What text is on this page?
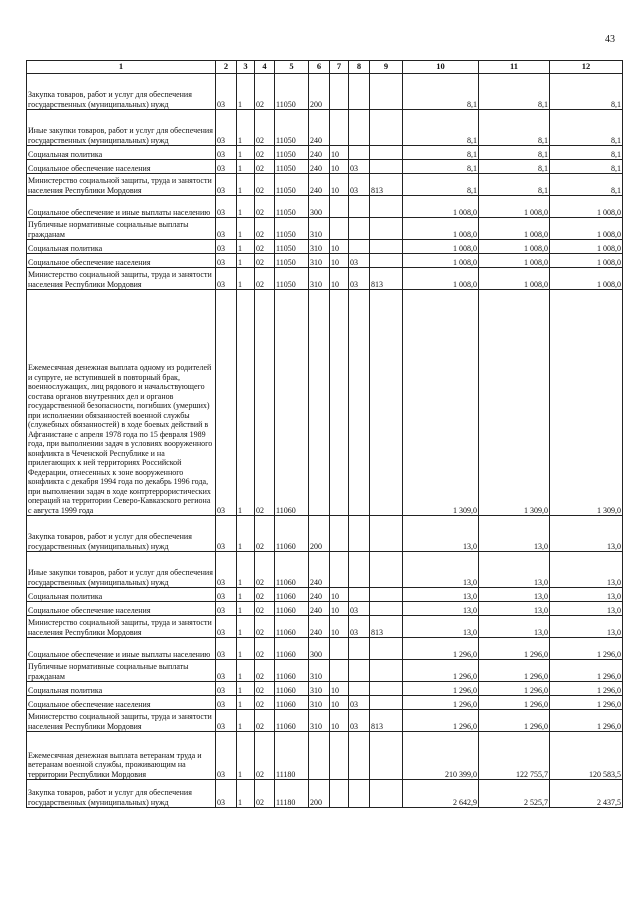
43
1	2	3	4	5	6	7	8	9	10	11	12
Закупка товаров, работ и услуг для обеспечения государственных (муниципальных) нужд	03	1	02	11050	200				8,1	8,1	8,1
Иные закупки товаров, работ и услуг для обеспечения государственных (муниципальных) нужд	03	1	02	11050	240				8,1	8,1	8,1
Социальная политика	03	1	02	11050	240	10			8,1	8,1	8,1
Социальное обеспечение населения	03	1	02	11050	240	10	03		8,1	8,1	8,1
Министерство социальной защиты, труда и занятости населения Республики Мордовия	03	1	02	11050	240	10	03	813	8,1	8,1	8,1
Социальное обеспечение и иные выплаты населению	03	1	02	11050	300				1 008,0	1 008,0	1 008,0
Публичные нормативные социальные выплаты гражданам	03	1	02	11050	310				1 008,0	1 008,0	1 008,0
Социальная политика	03	1	02	11050	310	10			1 008,0	1 008,0	1 008,0
Социальное обеспечение населения	03	1	02	11050	310	10	03		1 008,0	1 008,0	1 008,0
Министерство социальной защиты, труда и занятости населения Республики Мордовия	03	1	02	11050	310	10	03	813	1 008,0	1 008,0	1 008,0
Ежемесячная денежная выплата одному из родителей и супруге, не вступившей в повторный брак, военнослужащих, лиц рядового и начальствующего состава органов внутренних дел и органов государственной безопасности, погибших (умерших) при исполнении обязанностей военной службы (служебных обязанностей) в ходе боевых действий в Афганистане с апреля 1978 года по 15 февраля 1989 года, при выполнении задач в условиях вооруженного конфликта в Чеченской Республике и на прилегающих к ней территориях Российской Федерации, отнесенных к зоне вооруженного конфликта с декабря 1994 года по декабрь 1996 года, при выполнении задач в ходе контртеррористических операций на территории Северо-Кавказского региона с августа 1999 года	03	1	02	11060					1 309,0	1 309,0	1 309,0
Закупка товаров, работ и услуг для обеспечения государственных (муниципальных) нужд	03	1	02	11060	200				13,0	13,0	13,0
Иные закупки товаров, работ и услуг для обеспечения государственных (муниципальных) нужд	03	1	02	11060	240				13,0	13,0	13,0
Социальная политика	03	1	02	11060	240	10			13,0	13,0	13,0
Социальное обеспечение населения	03	1	02	11060	240	10	03		13,0	13,0	13,0
Министерство социальной защиты, труда и занятости населения Республики Мордовия	03	1	02	11060	240	10	03	813	13,0	13,0	13,0
Социальное обеспечение и иные выплаты населению	03	1	02	11060	300				1 296,0	1 296,0	1 296,0
Публичные нормативные социальные выплаты гражданам	03	1	02	11060	310				1 296,0	1 296,0	1 296,0
Социальная политика	03	1	02	11060	310	10			1 296,0	1 296,0	1 296,0
Социальное обеспечение населения	03	1	02	11060	310	10	03		1 296,0	1 296,0	1 296,0
Министерство социальной защиты, труда и занятости населения Республики Мордовия	03	1	02	11060	310	10	03	813	1 296,0	1 296,0	1 296,0
Ежемесячная денежная выплата ветеранам труда и ветеранам военной службы, проживающим на территории Республики Мордовия	03	1	02	11180					210 399,0	122 755,7	120 583,5
Закупка товаров, работ и услуг для обеспечения государственных (муниципальных) нужд	03	1	02	11180	200				2 642,9	2 525,7	2 437,5
